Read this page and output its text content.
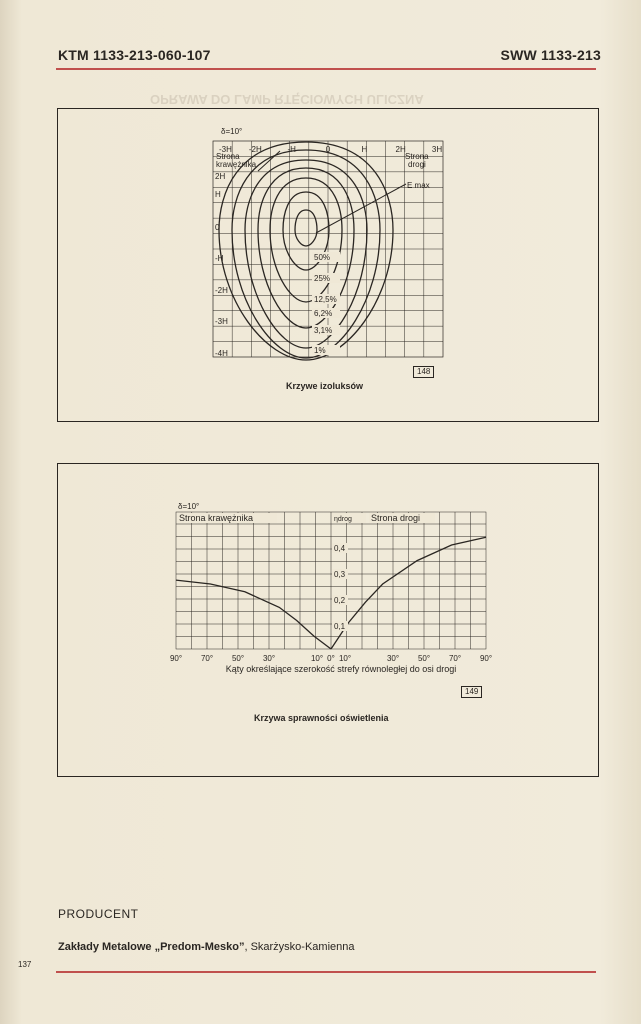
OPRAWA DO LAMP RTĘCIOWYCH ULICZNA
KTM 1133-213-060-107	SWW 1133-213
-3H -2H	-H	0	H	2H	3H
2H
H
0
-H
-2H
-3H
-4H
δ=10°
Strona
krawężnika
Strona
drogi
E max
50%
25%
12,5%
6,2%
3,1%
1%
148
Krzywe izoluksów
δ=10°
Strona krawężnika	Strona drogi
ηdrog
0,4
0,3
0,2
0,1
90° 70° 50° 30°	10° 0° 10°	30° 50° 70° 90°
Kąty określające szerokość strefy równoległej do osi drogi
149
Krzywa sprawności oświetlenia
PRODUCENT
Zakłady Metalowe „Predom-Mesko”, Skarżysko-Kamienna
137
